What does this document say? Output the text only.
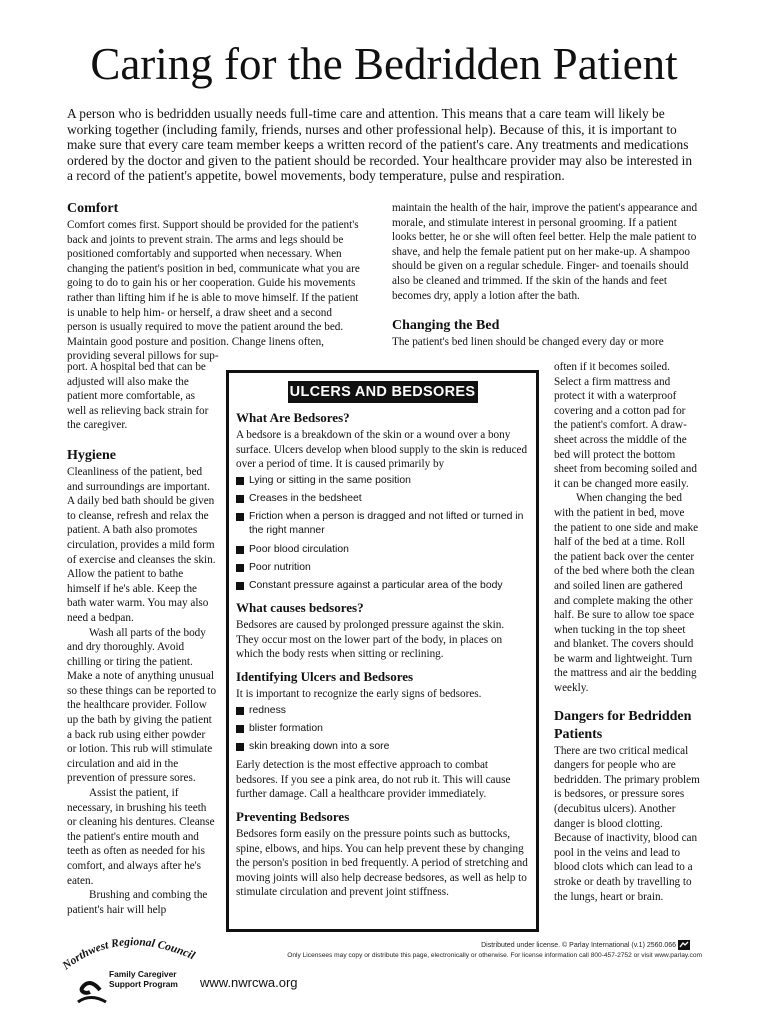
Caring for the Bedridden Patient

A person who is bedridden usually needs full-time care and attention. This means that a care team will likely be working together (including family, friends, nurses and other professional help). Because of this, it is important to make sure that every care team member keeps a written record of the patient's care. Any treatments and medications ordered by the doctor and given to the patient should be recorded. Your healthcare provider may also be interested in a record of the patient's appetite, bowel movements, body temperature, pulse and respiration.

Comfort

Comfort comes first. Support should be provided for the patient's back and joints to prevent strain. The arms and legs should be positioned comfortably and supported when necessary. When changing the patient's position in bed, communicate what you are going to do to gain his or her cooperation. Guide his movements rather than lifting him if he is able to move himself. If the patient is unable to help him- or herself, a draw sheet and a second person is usually required to move the patient around the bed. Maintain good posture and position. Change linens often, providing several pillows for sup-

port. A hospital bed that can be adjusted will also make the patient more comfortable, as well as relieving back strain for the caregiver.

Hygiene

Cleanliness of the patient, bed and surroundings are important. A daily bed bath should be given to cleanse, refresh and relax the patient. A bath also promotes circulation, provides a mild form of exercise and cleanses the skin. Allow the patient to bathe himself if he's able. Keep the bath water warm. You may also need a bedpan.

Wash all parts of the body and dry thoroughly. Avoid chilling or tiring the patient. Make a note of anything unusual so these things can be reported to the healthcare provider. Follow up the bath by giving the patient a back rub using either powder or lotion. This rub will stimulate circulation and aid in the prevention of pressure sores.

Assist the patient, if necessary, in brushing his teeth or cleaning his dentures. Cleanse the patient's entire mouth and teeth as often as needed for his comfort, and always after he's eaten.

Brushing and combing the patient's hair will help

maintain the health of the hair, improve the patient's appearance and morale, and stimulate interest in personal grooming. If a patient looks better, he or she will often feel better. Help the male patient to shave, and help the female patient put on her make-up. A shampoo should be given on a regular schedule. Finger- and toenails should also be cleaned and trimmed. If the skin of the hands and feet becomes dry, apply a lotion after the bath.

Changing the Bed

The patient's bed linen should be changed every day or more

often if it becomes soiled. Select a firm mattress and protect it with a waterproof covering and a cotton pad for the patient's comfort. A draw-sheet across the middle of the bed will protect the bottom sheet from becoming soiled and it can be changed more easily.

When changing the bed with the patient in bed, move the patient to one side and make half of the bed at a time. Roll the patient back over the center of the bed where both the clean and soiled linen are gathered and complete making the other half. Be sure to allow toe space when tucking in the top sheet and blanket. The covers should be warm and lightweight. Turn the mattress and air the bedding weekly.

Dangers for Bedridden Patients

There are two critical medical dangers for people who are bedridden. The primary problem is bedsores, or pressure sores (decubitus ulcers). Another danger is blood clotting. Because of inactivity, blood can pool in the veins and lead to blood clots which can lead to a stroke or death by travelling to the lungs, heart or brain.

ULCERS AND BEDSORES
What Are Bedsores?

A bedsore is a breakdown of the skin or a wound over a bony surface. Ulcers develop when blood supply to the skin is reduced over a period of time. It is caused primarily by

Lying or sitting in the same position
Creases in the bedsheet
Friction when a person is dragged and not lifted or turned in the right manner
Poor blood circulation
Poor nutrition
Constant pressure against a particular area of the body
What causes bedsores?

Bedsores are caused by prolonged pressure against the skin. They occur most on the lower part of the body, in places on which the body rests when sitting or reclining.

Identifying Ulcers and Bedsores

It is important to recognize the early signs of bedsores.

redness
blister formation
skin breaking down into a sore

Early detection is the most effective approach to combat bedsores. If you see a pink area, do not rub it. This will cause further damage. Call a healthcare provider immediately.

Preventing Bedsores

Bedsores form easily on the pressure points such as buttocks, spine, elbows, and hips. You can help prevent these by changing the person's position in bed frequently. A period of stretching and moving joints will also help decrease bedsores, as well as help to stimulate circulation and prevent joint stiffness.

Distributed under license. © Parlay International (v.1) 2560.066
Only Licensees may copy or distribute this page, electronically or otherwise. For license information call 800-457-2752 or visit www.parlay.com
Northwest Regional Council
Family Caregiver Support Program	www.nwrcwa.org
